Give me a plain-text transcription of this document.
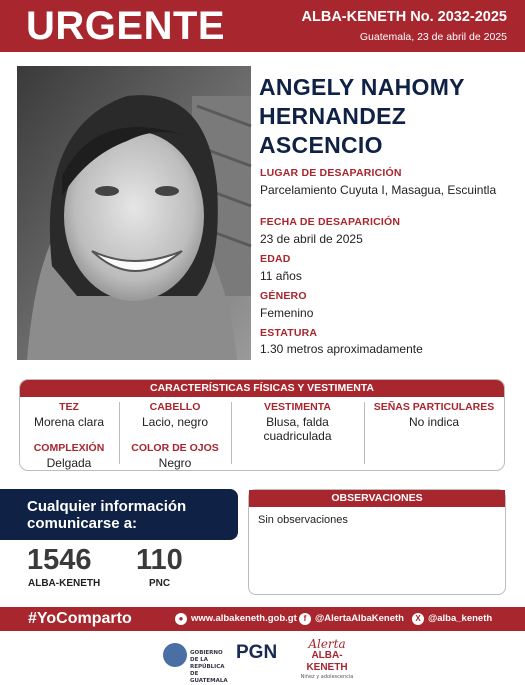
URGENTE	ALBA-KENETH No. 2032-2025
Guatemala, 23 de abril de 2025
ANGELY NAHOMY
HERNANDEZ
ASCENCIO
LUGAR DE DESAPARICIÓN
Parcelamiento Cuyuta I, Masagua, Escuintla
FECHA DE DESAPARICIÓN
23 de abril de 2025
EDAD
11 años
GÉNERO
Femenino
ESTATURA
1.30 metros aproximadamente
CARACTERÍSTICAS FÍSICAS Y VESTIMENTA
TEZ
Morena clara
CABELLO
Lacio, negro
VESTIMENTA
Blusa, falda
cuadriculada
SEÑAS PARTICULARES
No indica
COMPLEXIÓN
Delgada
COLOR DE OJOS
Negro
Cualquier información
comunicarse a:
1546
ALBA-KENETH
110
PNC
OBSERVACIONES
Sin observaciones
#YoComparto	● www.albakeneth.gob.gt f @AlertaAlbaKeneth	X @alba_keneth
GOBIERNO DE LA REPÚBLICA DE
GUATEMALA
PGN	Alerta
ALBA-KENETH
Niñez y adolescencia
